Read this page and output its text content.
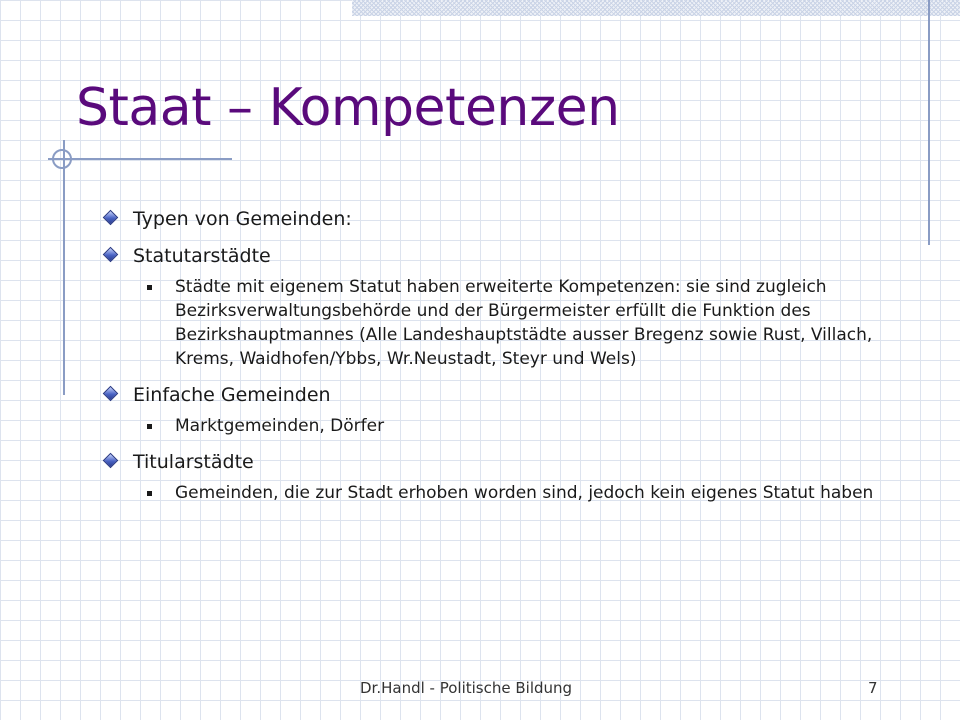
Staat – Kompetenzen
Typen von Gemeinden:
Statutarstädte
Städte mit eigenem Statut haben erweiterte Kompetenzen: sie sind zugleich Bezirksverwaltungsbehörde und der Bürgermeister erfüllt die Funktion des Bezirkshauptmannes (Alle Landeshauptstädte ausser Bregenz sowie Rust, Villach, Krems, Waidhofen/Ybbs, Wr.Neustadt, Steyr und Wels)
Einfache Gemeinden
Marktgemeinden, Dörfer
Titularstädte
Gemeinden, die zur Stadt erhoben worden sind, jedoch kein eigenes Statut haben
Dr.Handl - Politische Bildung	7
